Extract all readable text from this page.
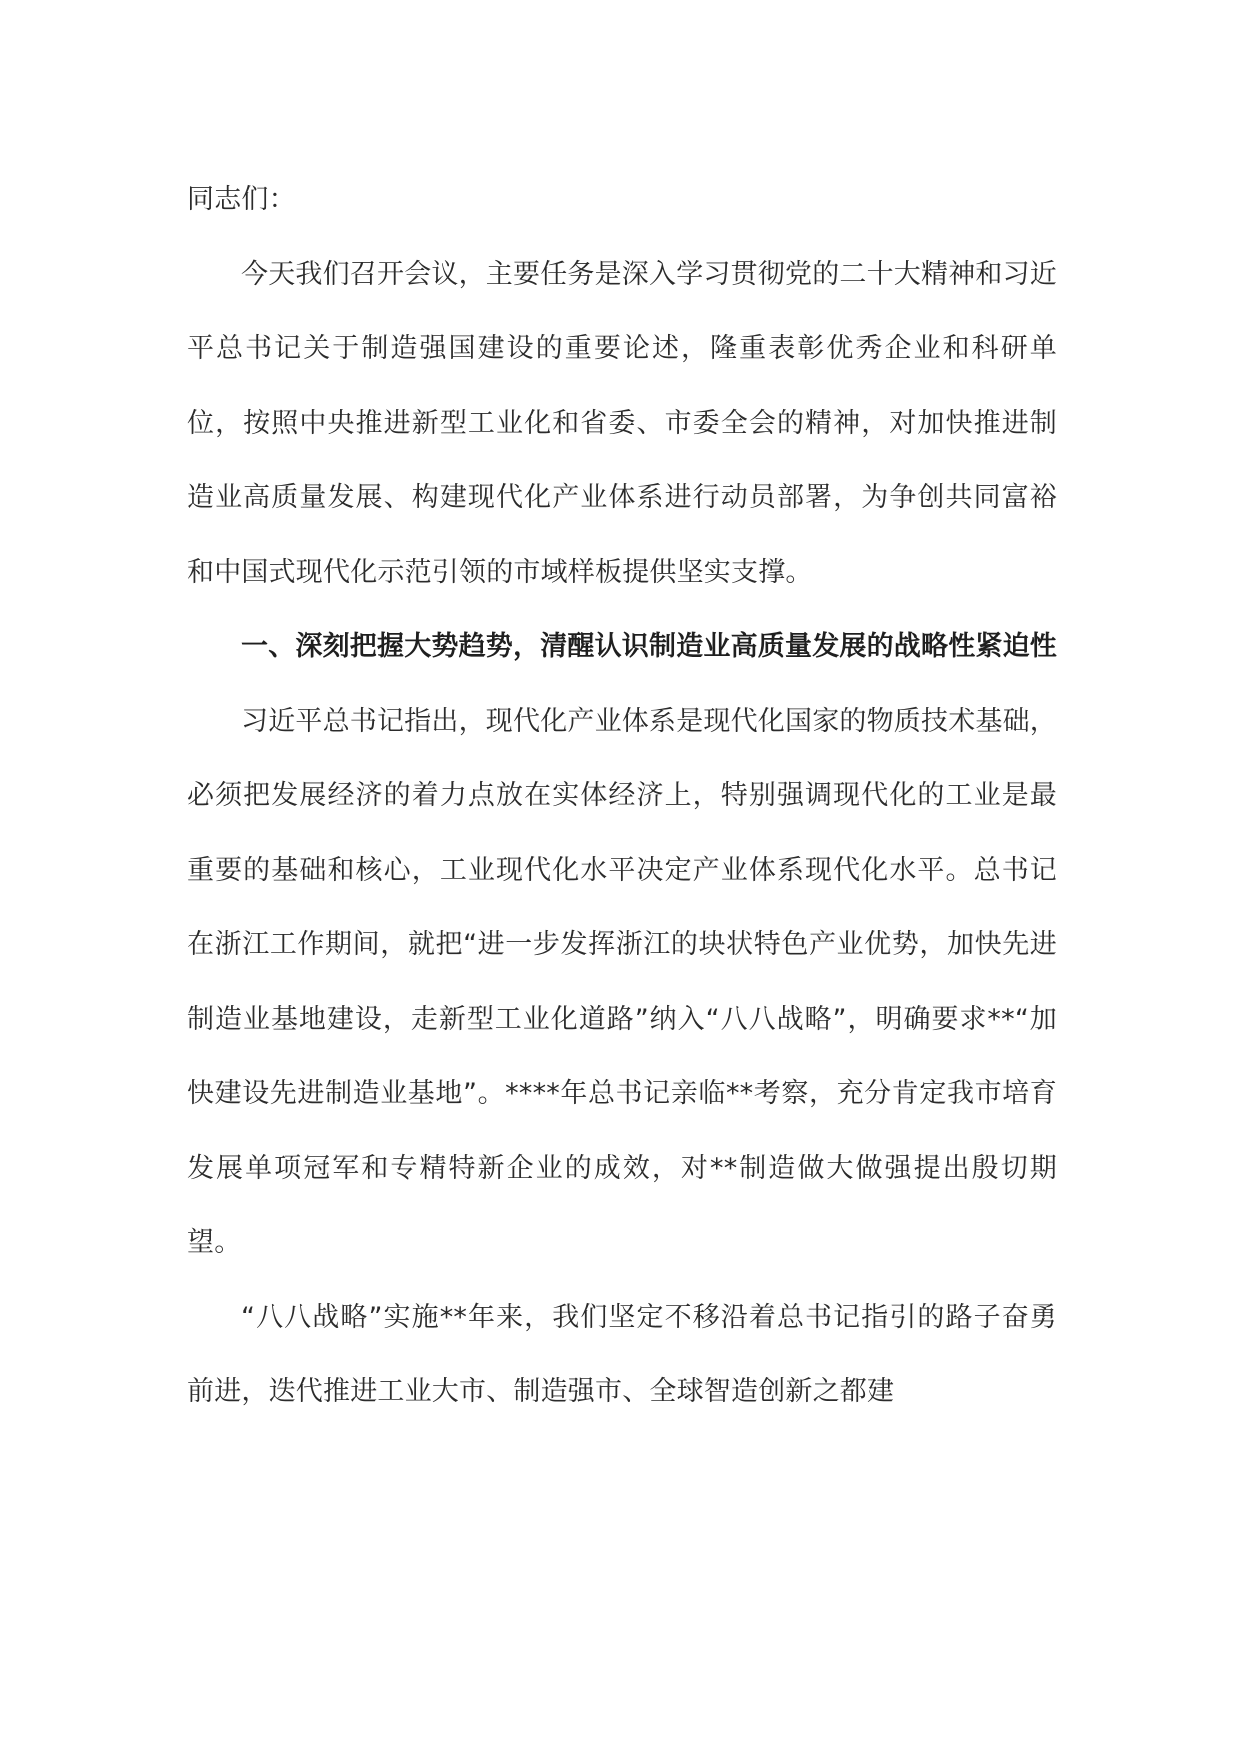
同志们：

今天我们召开会议，主要任务是深入学习贯彻党的二十大精神和习近平总书记关于制造强国建设的重要论述，隆重表彰优秀企业和科研单位，按照中央推进新型工业化和省委、市委全会的精神，对加快推进制造业高质量发展、构建现代化产业体系进行动员部署，为争创共同富裕和中国式现代化示范引领的市域样板提供坚实支撑。

一、深刻把握大势趋势，清醒认识制造业高质量发展的战略性紧迫性

习近平总书记指出，现代化产业体系是现代化国家的物质技术基础，必须把发展经济的着力点放在实体经济上，特别强调现代化的工业是最重要的基础和核心，工业现代化水平决定产业体系现代化水平。总书记在浙江工作期间，就把“进一步发挥浙江的块状特色产业优势，加快先进制造业基地建设，走新型工业化道路”纳入“八八战略”，明确要求**“加快建设先进制造业基地”。****年总书记亲临**考察，充分肯定我市培育发展单项冠军和专精特新企业的成效，对**制造做大做强提出殷切期望。

“八八战略”实施**年来，我们坚定不移沿着总书记指引的路子奋勇前进，迭代推进工业大市、制造强市、全球智造创新之都建
